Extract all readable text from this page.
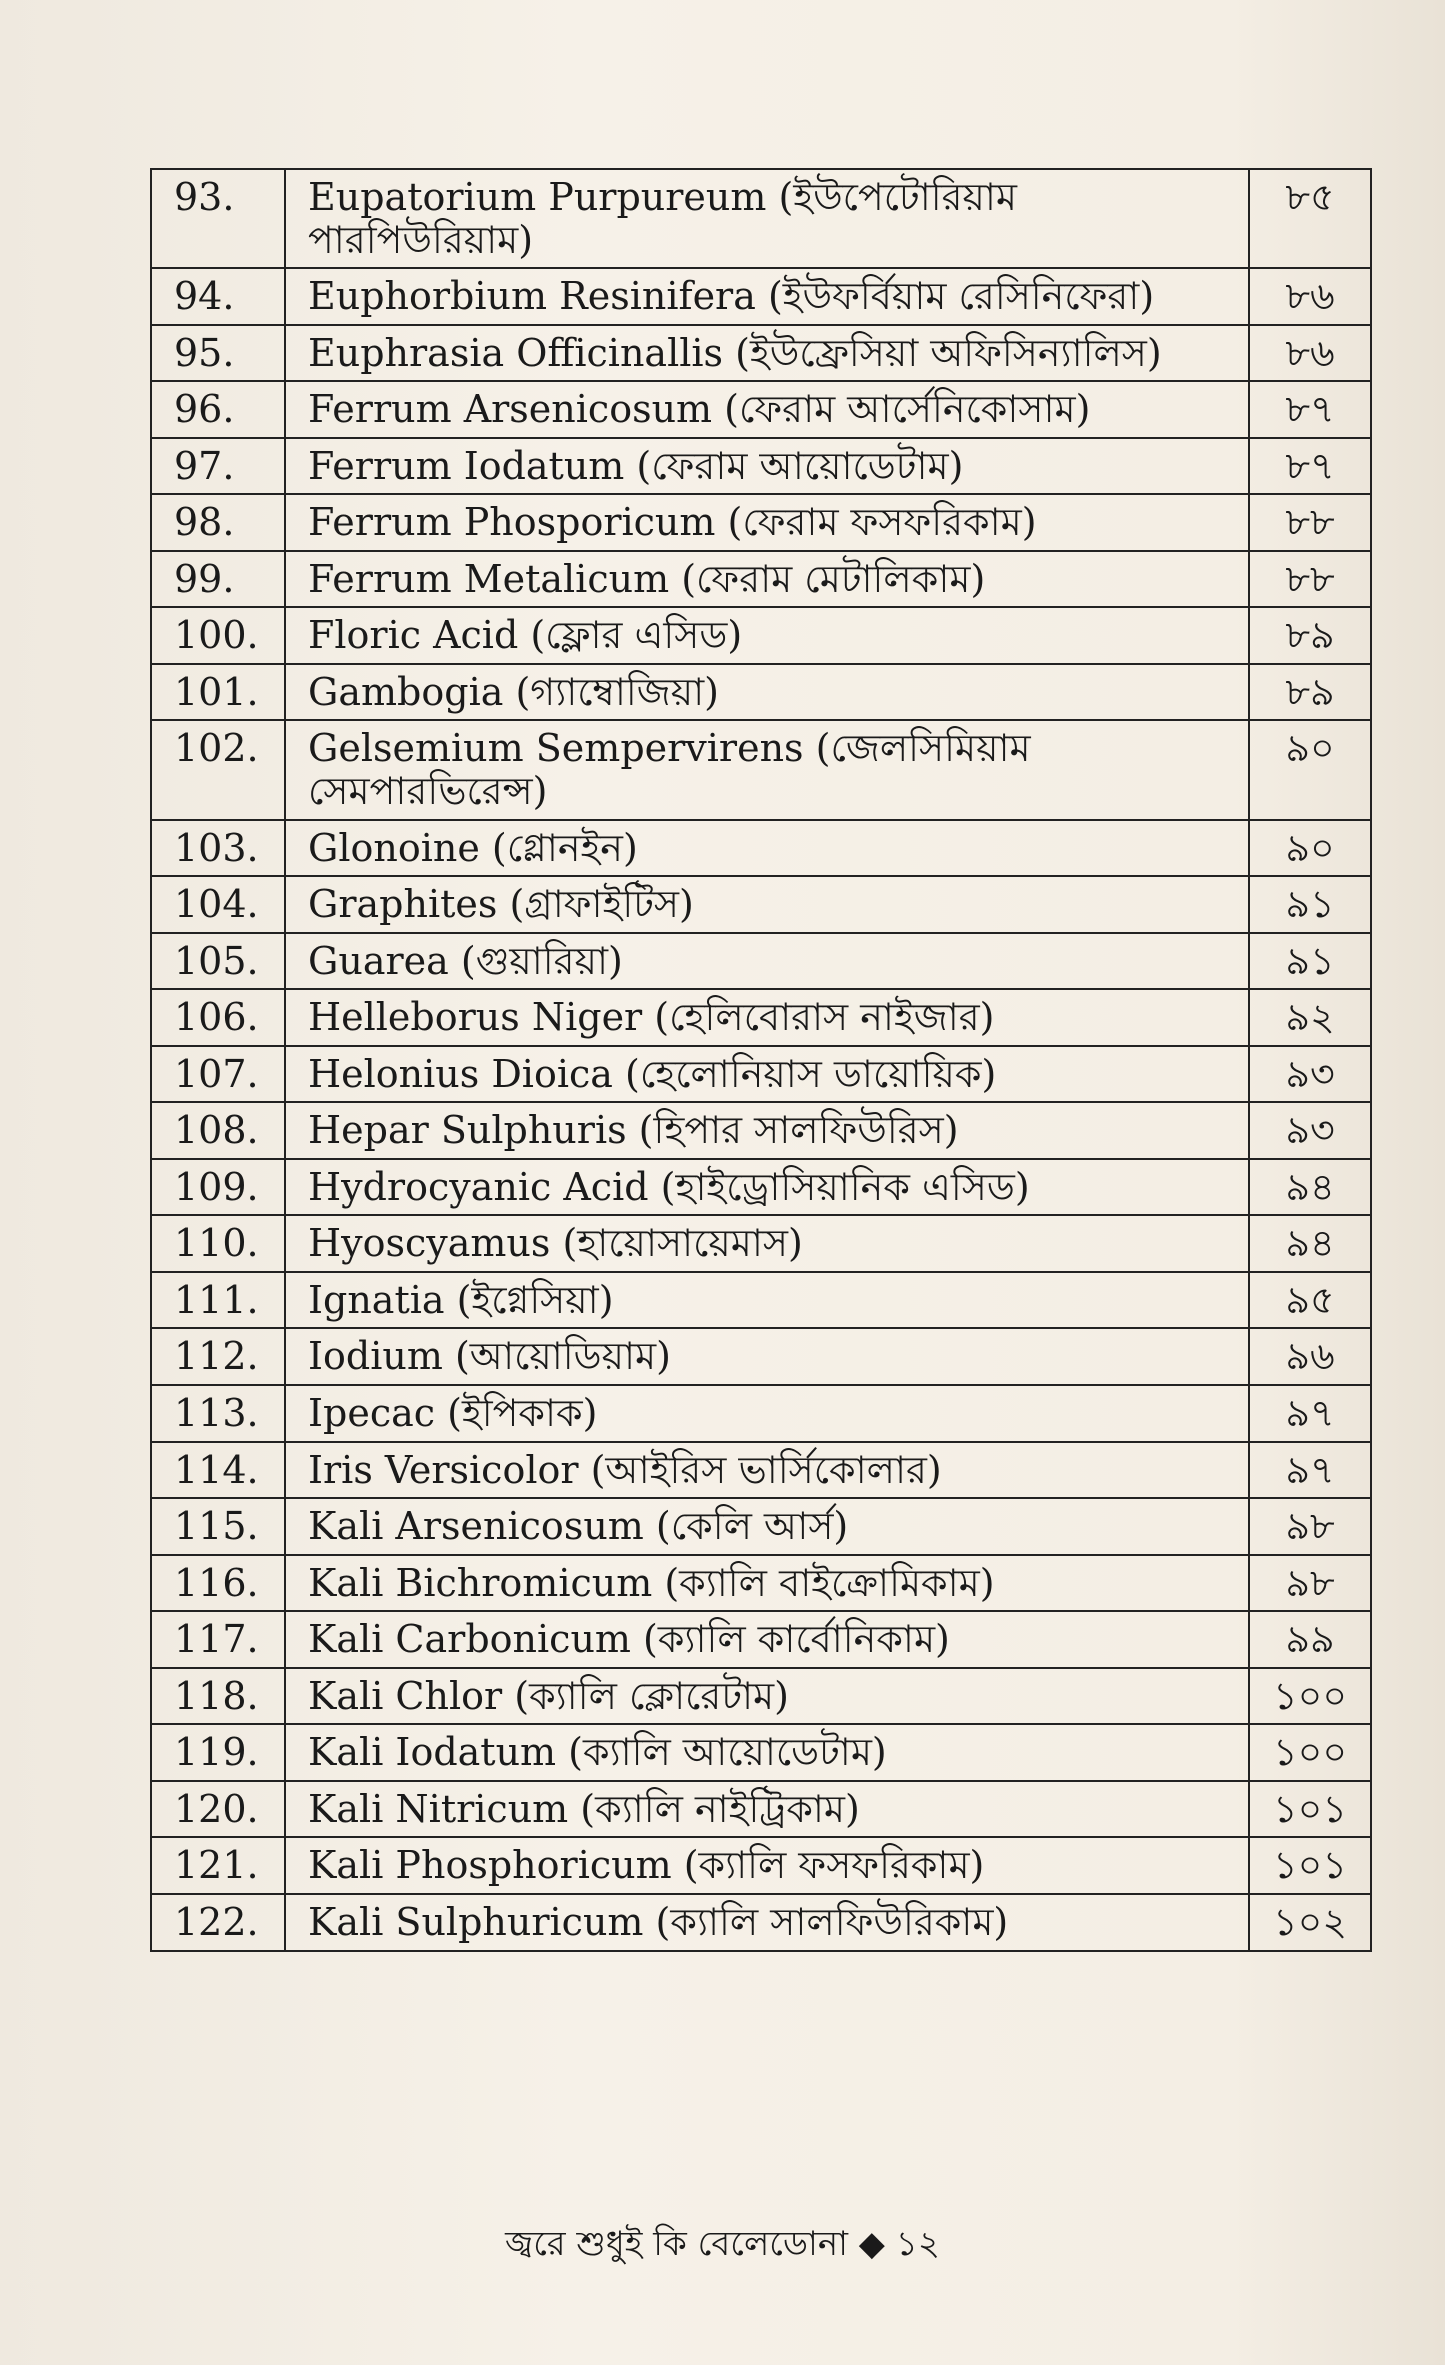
93.	Eupatorium Purpureum (ইউপেটোরিয়াম পারপিউরিয়াম)	৮৫
94.	Euphorbium Resinifera (ইউফর্বিয়াম রেসিনিফেরা)	৮৬
95.	Euphrasia Officinallis (ইউফ্রেসিয়া অফিসিন্যালিস)	৮৬
96.	Ferrum Arsenicosum (ফেরাম আর্সেনিকোসাম)	৮৭
97.	Ferrum Iodatum (ফেরাম আয়োডেটাম)	৮৭
98.	Ferrum Phosporicum (ফেরাম ফসফরিকাম)	৮৮
99.	Ferrum Metalicum (ফেরাম মেটালিকাম)	৮৮
100.	Floric Acid (ফ্লোর এসিড)	৮৯
101.	Gambogia (গ্যাম্বোজিয়া)	৮৯
102.	Gelsemium Sempervirens (জেলসিমিয়াম সেমপারভিরেন্স)	৯০
103.	Glonoine (গ্লোনইন)	৯০
104.	Graphites (গ্রাফাইটিস)	৯১
105.	Guarea (গুয়ারিয়া)	৯১
106.	Helleborus Niger (হেলিবোরাস নাইজার)	৯২
107.	Helonius Dioica (হেলোনিয়াস ডায়োয়িক)	৯৩
108.	Hepar Sulphuris (হিপার সালফিউরিস)	৯৩
109.	Hydrocyanic Acid (হাইড্রোসিয়ানিক এসিড)	৯৪
110.	Hyoscyamus (হায়োসায়েমাস)	৯৪
111.	Ignatia (ইগ্নেসিয়া)	৯৫
112.	Iodium (আয়োডিয়াম)	৯৬
113.	Ipecac (ইপিকাক)	৯৭
114.	Iris Versicolor (আইরিস ভার্সিকোলার)	৯৭
115.	Kali Arsenicosum (কেলি আর্স)	৯৮
116.	Kali Bichromicum (ক্যালি বাইক্রোমিকাম)	৯৮
117.	Kali Carbonicum (ক্যালি কার্বোনিকাম)	৯৯
118.	Kali Chlor (ক্যালি ক্লোরেটাম)	১০০
119.	Kali Iodatum (ক্যালি আয়োডেটাম)	১০০
120.	Kali Nitricum (ক্যালি নাইট্রিকাম)	১০১
121.	Kali Phosphoricum (ক্যালি ফসফরিকাম)	১০১
122.	Kali Sulphuricum (ক্যালি সালফিউরিকাম)	১০২
জ্বরে শুধুই কি বেলেডোনা ◆ ১২
